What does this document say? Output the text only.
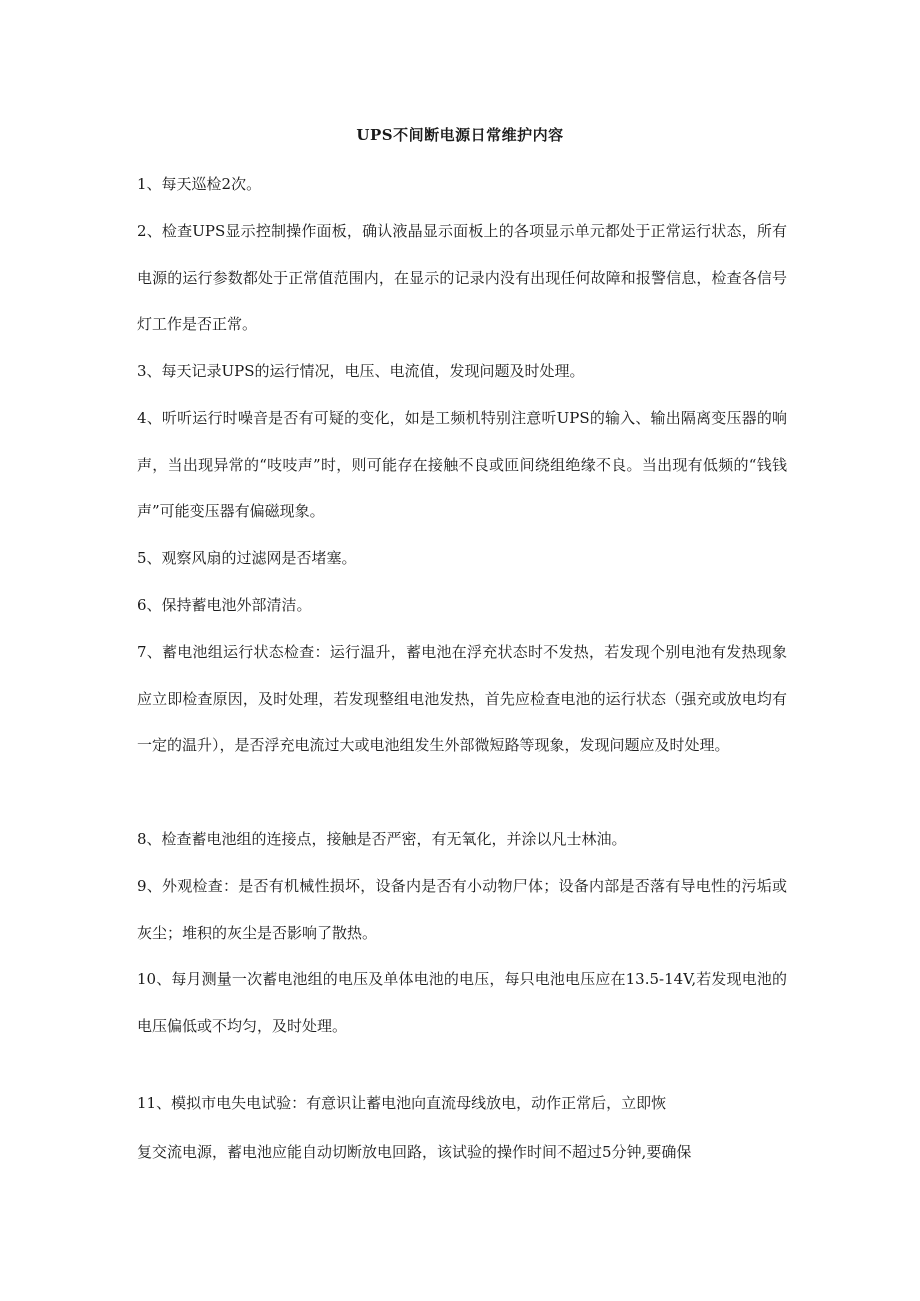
UPS不间断电源日常维护内容
1、每天巡检2次。
2、检查UPS显示控制操作面板，确认液晶显示面板上的各项显示单元都处于正常运行状态，所有电源的运行参数都处于正常值范围内，在显示的记录内没有出现任何故障和报警信息，检查各信号灯工作是否正常。
3、每天记录UPS的运行情况，电压、电流值，发现问题及时处理。
4、听听运行时噪音是否有可疑的变化，如是工频机特别注意听UPS的输入、输出隔离变压器的响声，当出现异常的“吱吱声”时，则可能存在接触不良或匝间绕组绝缘不良。当出现有低频的“钱钱声”可能变压器有偏磁现象。
5、观察风扇的过滤网是否堵塞。
6、保持蓄电池外部清洁。
7、蓄电池组运行状态检查：运行温升，蓄电池在浮充状态时不发热，若发现个别电池有发热现象应立即检查原因，及时处理，若发现整组电池发热，首先应检查电池的运行状态（强充或放电均有一定的温升），是否浮充电流过大或电池组发生外部微短路等现象，发现问题应及时处理。
8、检查蓄电池组的连接点，接触是否严密，有无氧化，并涂以凡士林油。
9、外观检查：是否有机械性损坏，设备内是否有小动物尸体；设备内部是否落有导电性的污垢或灰尘；堆积的灰尘是否影响了散热。
10、每月测量一次蓄电池组的电压及单体电池的电压，每只电池电压应在13.5-14V,若发现电池的电压偏低或不均匀，及时处理。
11、模拟市电失电试验：有意识让蓄电池向直流母线放电，动作正常后，立即恢
复交流电源，蓄电池应能自动切断放电回路，该试验的操作时间不超过5分钟,要确保
